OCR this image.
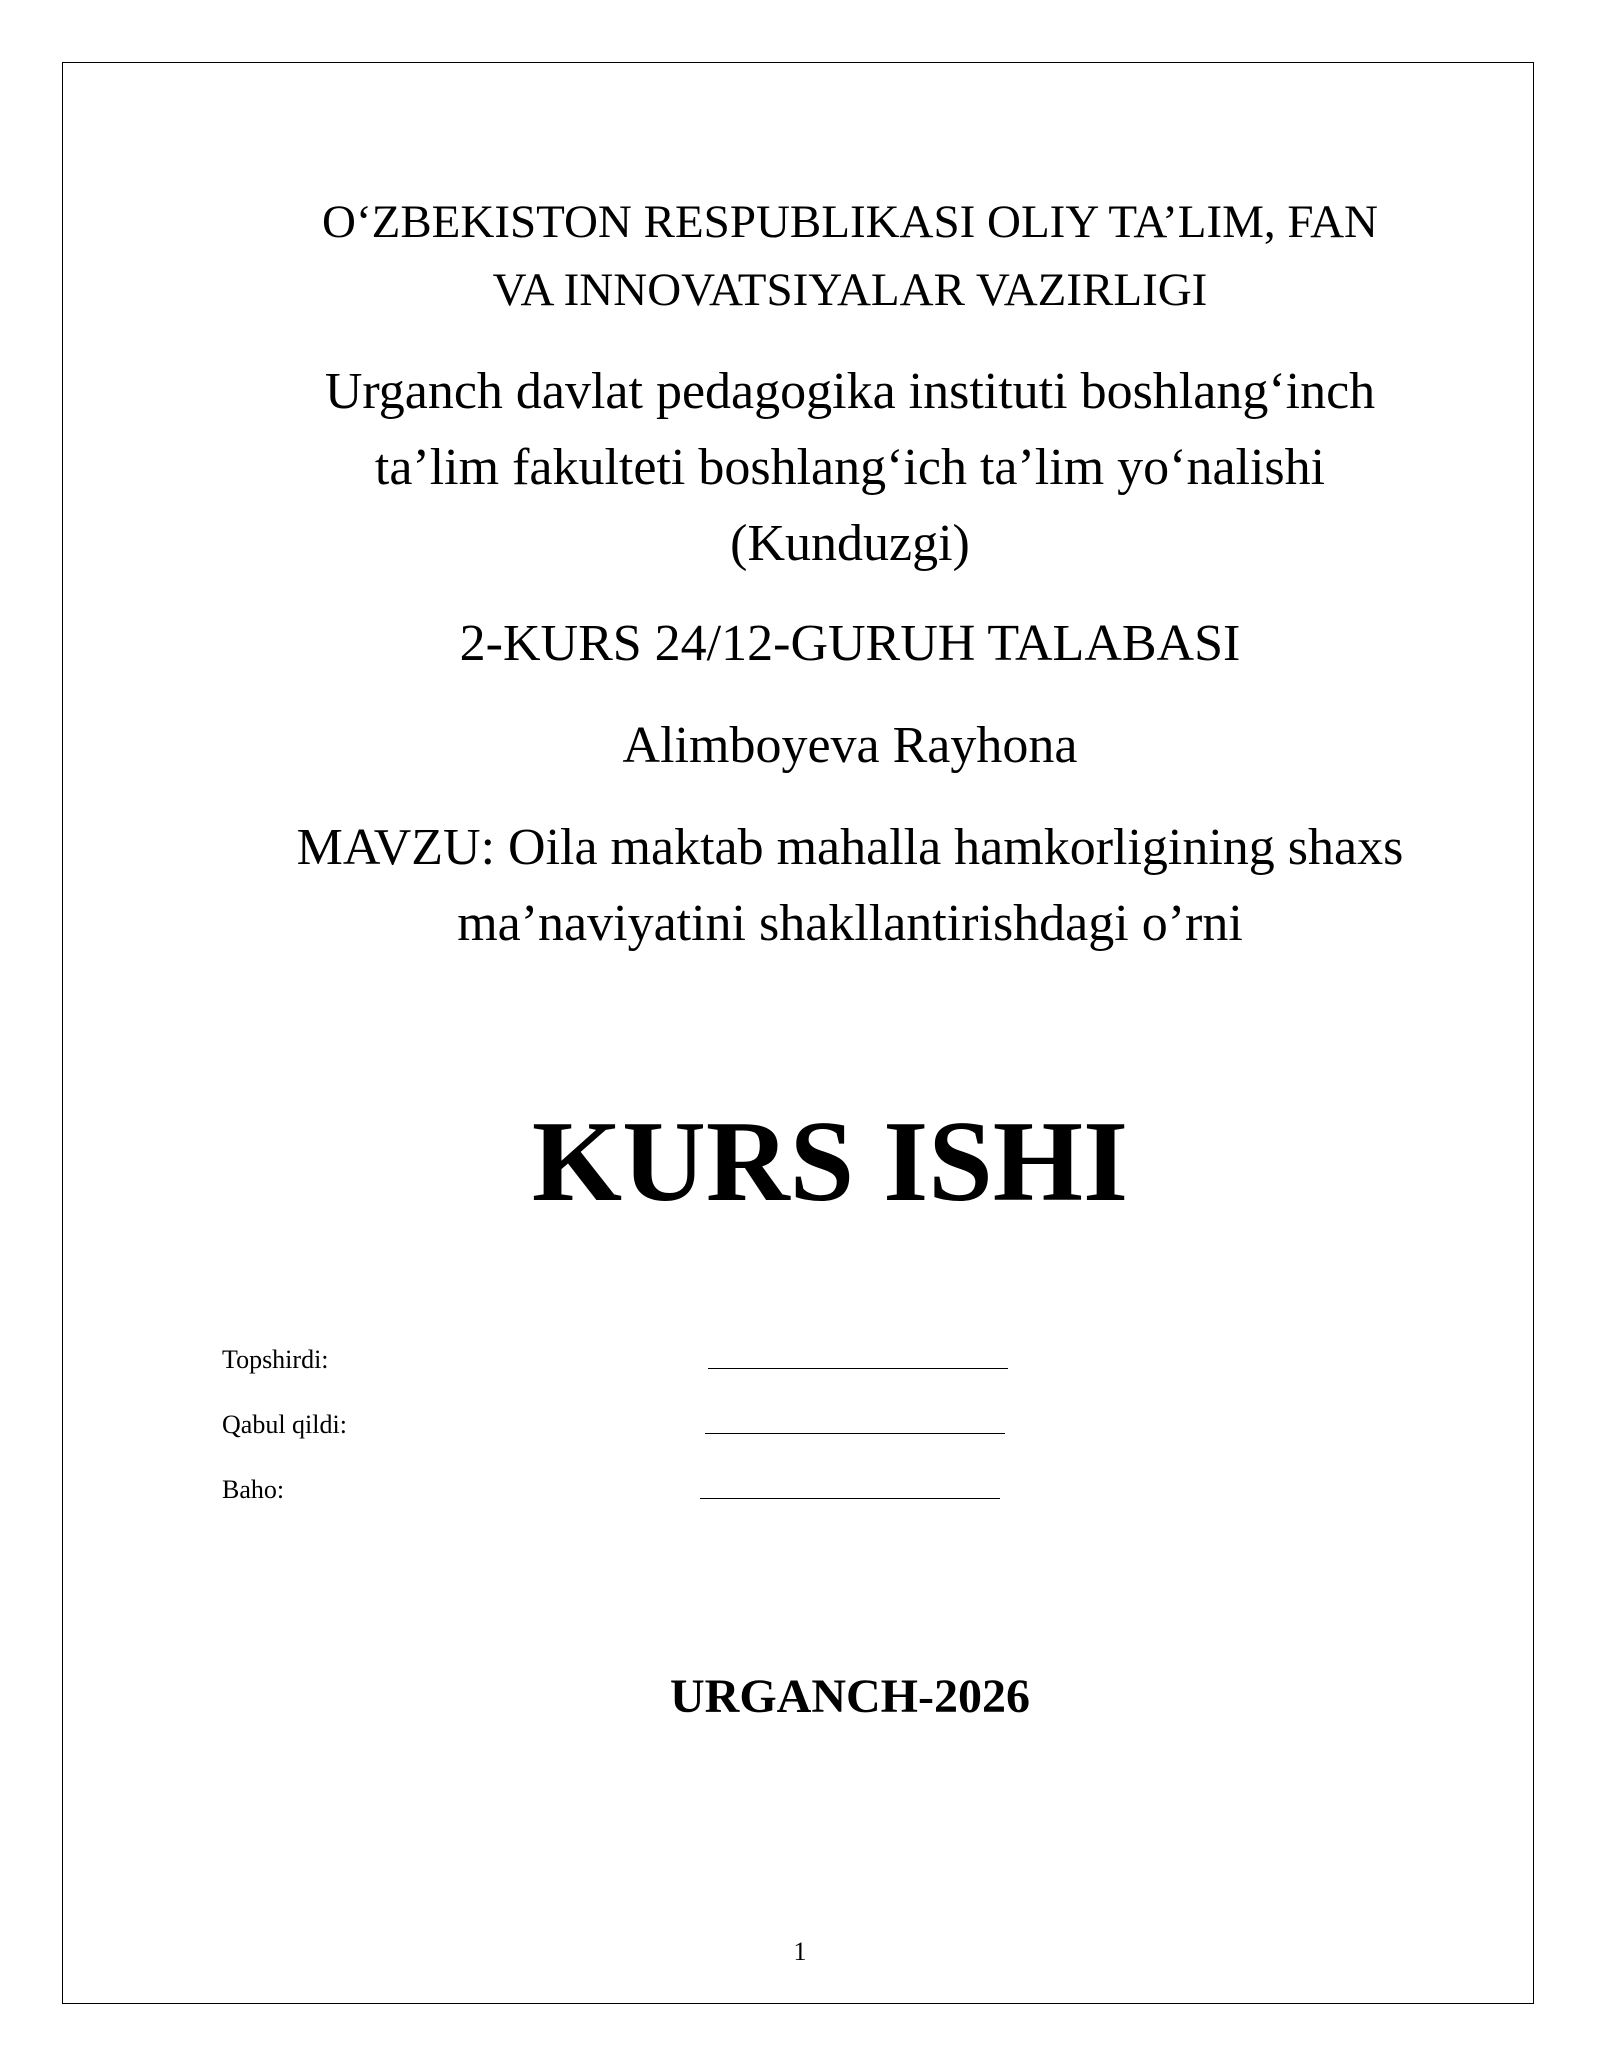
O‘ZBEKISTON RESPUBLIKASI OLIY TA’LIM, FAN
VA INNOVATSIYALAR VAZIRLIGI
Urganch davlat pedagogika instituti boshlang‘inch
ta’lim fakulteti boshlang‘ich ta’lim yo‘nalishi
(Kunduzgi)
2-KURS 24/12-GURUH TALABASI
Alimboyeva Rayhona
MAVZU: Oila maktab mahalla hamkorligining shaxs
ma’naviyatini shakllantirishdagi o’rni
KURS ISHI
Topshirdi:
Qabul qildi:
Baho:
URGANCH-2026
1
